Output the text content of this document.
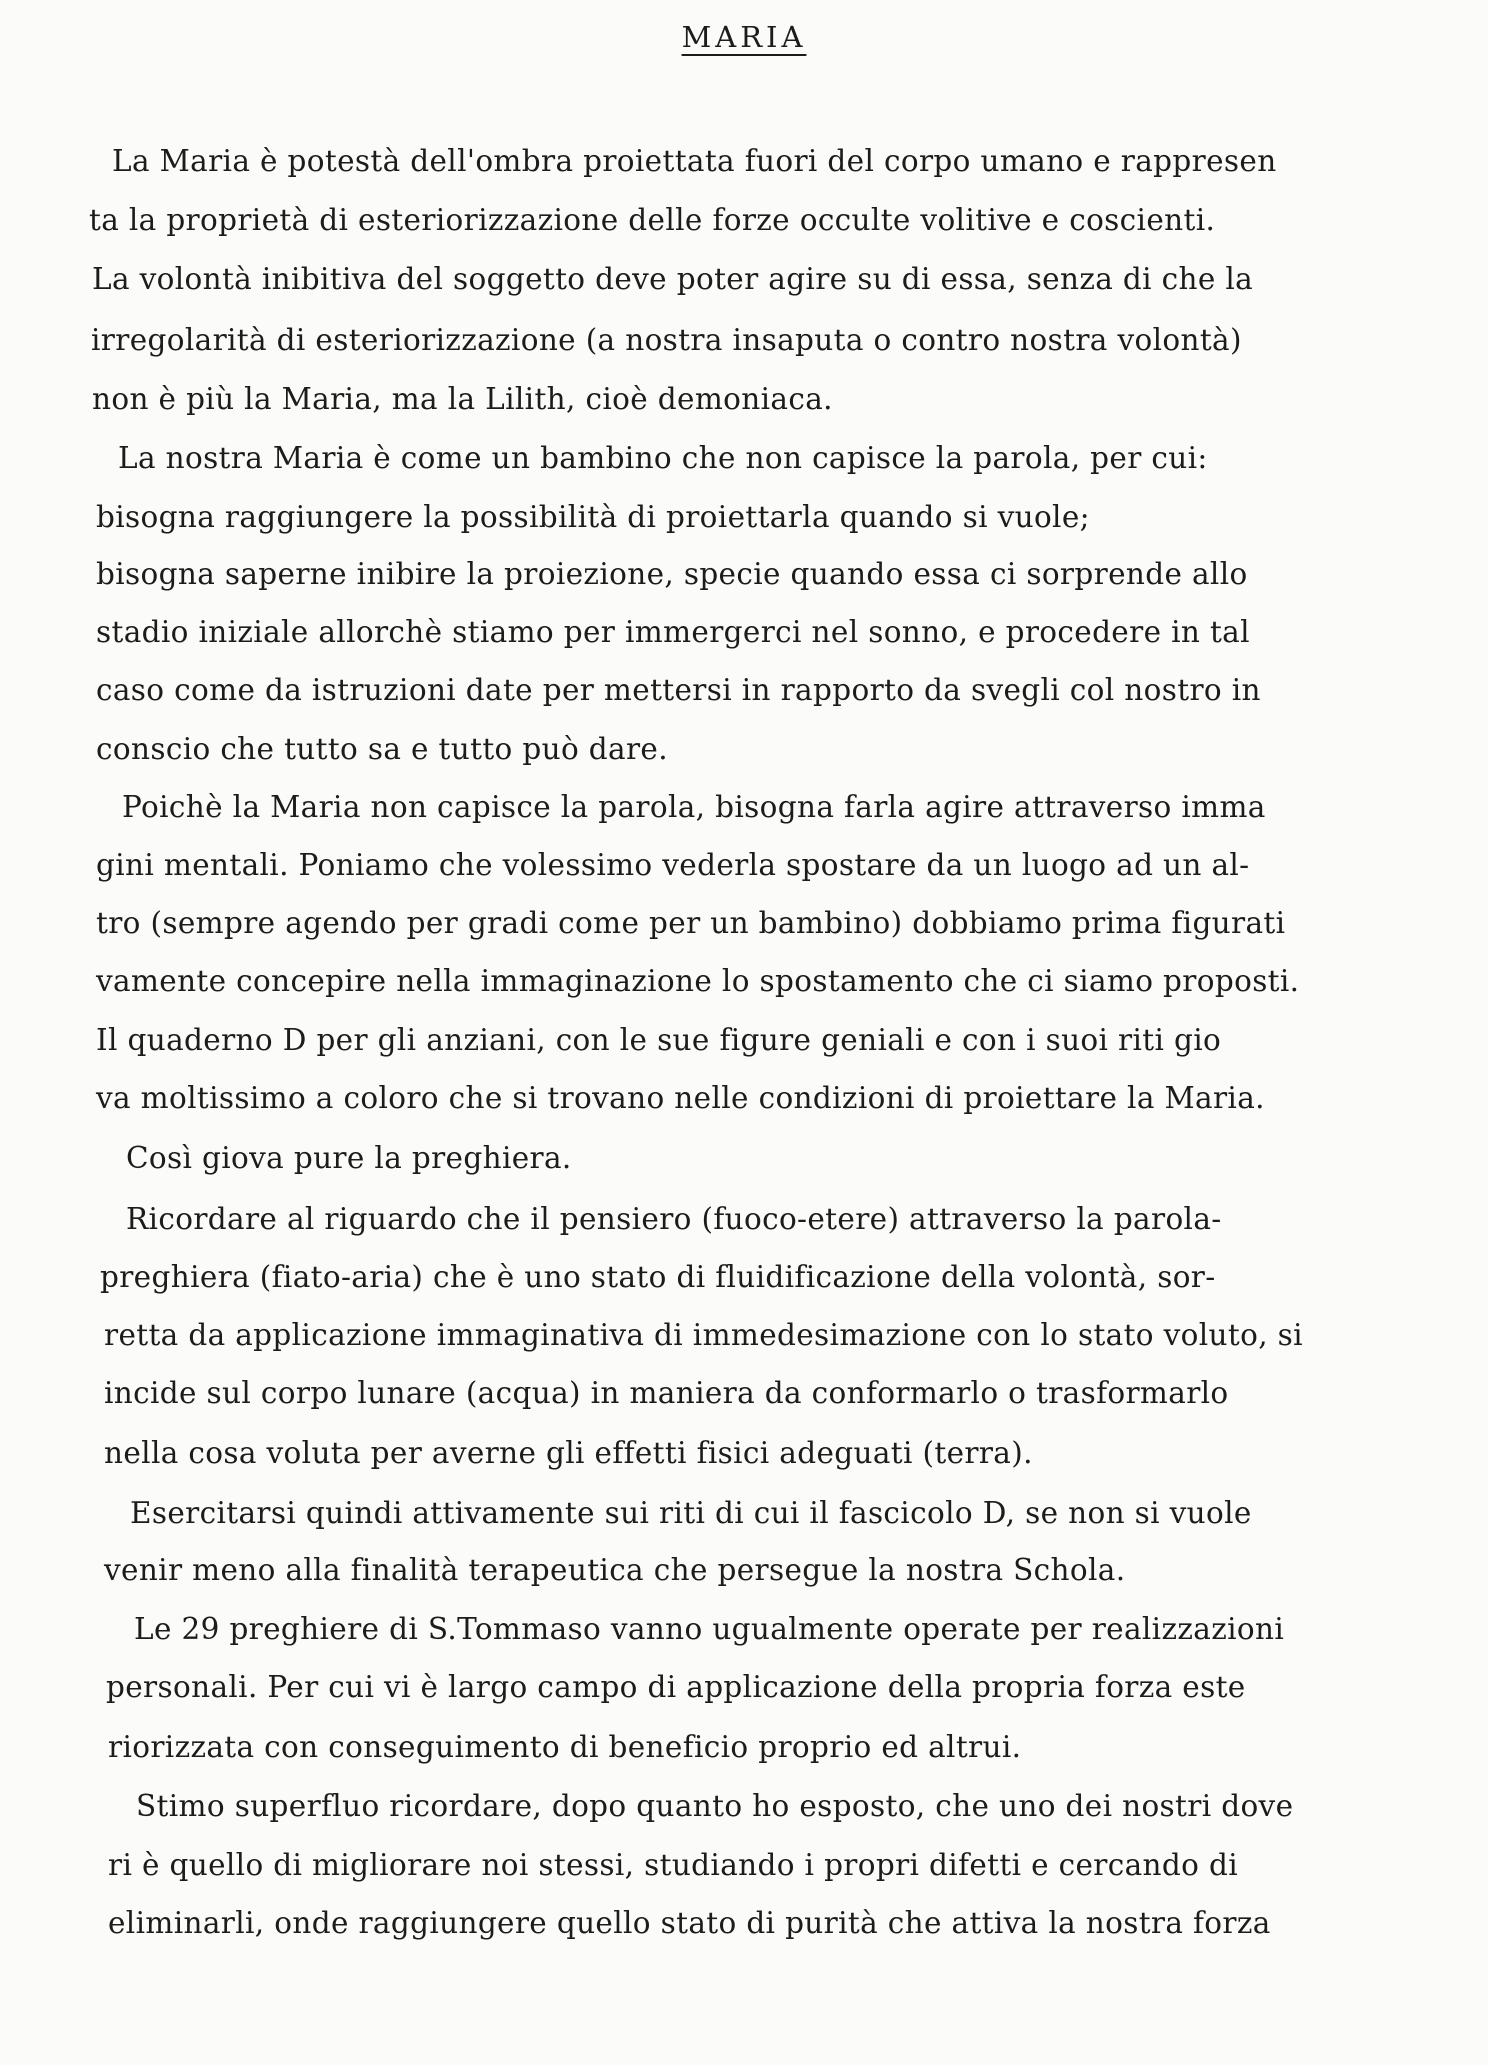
MARIA
La Maria è potestà dell'ombra proiettata fuori del corpo umano e rappresen
ta la proprietà di esteriorizzazione delle forze occulte volitive e coscienti.
La volontà inibitiva del soggetto deve poter agire su di essa, senza di che la
irregolarità di esteriorizzazione (a nostra insaputa o contro nostra volontà)
non è più la Maria, ma la Lilith, cioè demoniaca.
La nostra Maria è come un bambino che non capisce la parola, per cui:
bisogna raggiungere la possibilità di proiettarla quando si vuole;
bisogna saperne inibire la proiezione, specie quando essa ci sorprende allo
stadio iniziale allorchè stiamo per immergerci nel sonno, e procedere in tal
caso come da istruzioni date per mettersi in rapporto da svegli col nostro in
conscio che tutto sa e tutto può dare.
Poichè la Maria non capisce la parola, bisogna farla agire attraverso imma
gini mentali. Poniamo che volessimo vederla spostare da un luogo ad un al-
tro (sempre agendo per gradi come per un bambino) dobbiamo prima figurati
vamente concepire nella immaginazione lo spostamento che ci siamo proposti.
Il quaderno D per gli anziani, con le sue figure geniali e con i suoi riti gio
va moltissimo a coloro che si trovano nelle condizioni di proiettare la Maria.
Così giova pure la preghiera.
Ricordare al riguardo che il pensiero (fuoco-etere) attraverso la parola-
preghiera (fiato-aria) che è uno stato di fluidificazione della volontà, sor-
retta da applicazione immaginativa di immedesimazione con lo stato voluto, si
incide sul corpo lunare (acqua) in maniera da conformarlo o trasformarlo
nella cosa voluta per averne gli effetti fisici adeguati (terra).
Esercitarsi quindi attivamente sui riti di cui il fascicolo D, se non si vuole
venir meno alla finalità terapeutica che persegue la nostra Schola.
Le 29 preghiere di S.Tommaso vanno ugualmente operate per realizzazioni
personali. Per cui vi è largo campo di applicazione della propria forza este
riorizzata con conseguimento di beneficio proprio ed altrui.
Stimo superfluo ricordare, dopo quanto ho esposto, che uno dei nostri dove
ri è quello di migliorare noi stessi, studiando i propri difetti e cercando di
eliminarli, onde raggiungere quello stato di purità che attiva la nostra forza
